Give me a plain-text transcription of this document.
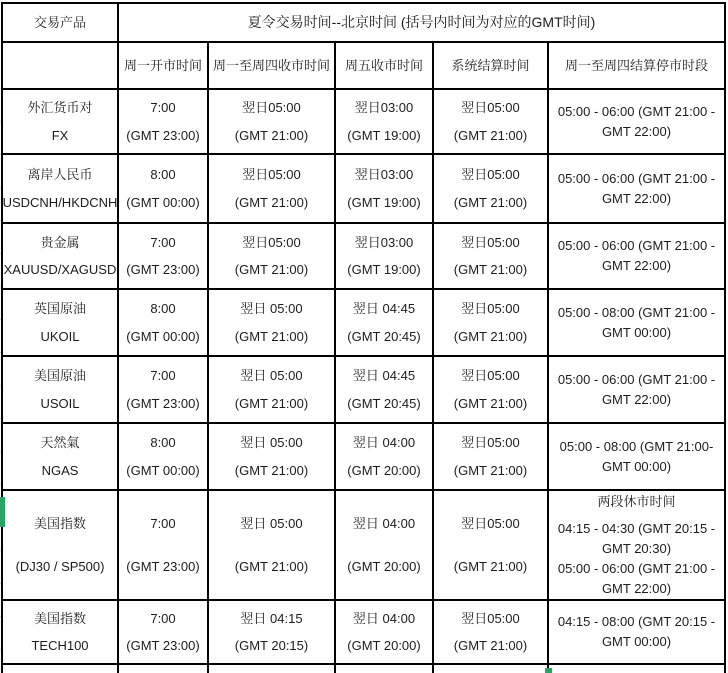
交易产品	夏令交易时间--北京时间 (括号内时间为对应的GMT时间)
周一开市时间 周一至周四收市时间 周五收市时间 系统结算时间	周一至周四结算停市时段
外汇货币对
FX
7:00
(GMT 23:00)
翌日05:00
(GMT 21:00)
翌日03:00
(GMT 19:00)
翌日05:00
(GMT 21:00)
05:00 - 06:00 (GMT 21:00 -
GMT 22:00)
离岸人民币
USDCNH/HKDCNH
8:00
(GMT 00:00)
翌日05:00
(GMT 21:00)
翌日03:00
(GMT 19:00)
翌日05:00
(GMT 21:00)
05:00 - 06:00 (GMT 21:00 -
GMT 22:00)
贵金属
XAUUSD/XAGUSD
7:00
(GMT 23:00)
翌日05:00
(GMT 21:00)
翌日03:00
(GMT 19:00)
翌日05:00
(GMT 21:00)
05:00 - 06:00 (GMT 21:00 -
GMT 22:00)
英国原油
UKOIL
8:00
(GMT 00:00)
翌日 05:00
(GMT 21:00)
翌日 04:45
(GMT 20:45)
翌日05:00
(GMT 21:00)
05:00 - 08:00 (GMT 21:00 -
GMT 00:00)
美国原油
USOIL
7:00
(GMT 23:00)
翌日 05:00
(GMT 21:00)
翌日 04:45
(GMT 20:45)
翌日05:00
(GMT 21:00)
05:00 - 06:00 (GMT 21:00 -
GMT 22:00)
天然氣
NGAS
8:00
(GMT 00:00)
翌日 05:00
(GMT 21:00)
翌日 04:00
(GMT 20:00)
翌日05:00
(GMT 21:00)
05:00 - 08:00 (GMT 21:00-
GMT 00:00)
美国指数
(DJ30 / SP500)
7:00
(GMT 23:00)
翌日 05:00
(GMT 21:00)
翌日 04:00
(GMT 20:00)
翌日05:00
(GMT 21:00)
两段休市时间
04:15 - 04:30 (GMT 20:15 -
GMT 20:30)
05:00 - 06:00 (GMT 21:00 -
GMT 22:00)
美国指数
TECH100
7:00
(GMT 23:00)
翌日 04:15
(GMT 20:15)
翌日 04:00
(GMT 20:00)
翌日05:00
(GMT 21:00)
04:15 - 08:00 (GMT 20:15 -
GMT 00:00)
